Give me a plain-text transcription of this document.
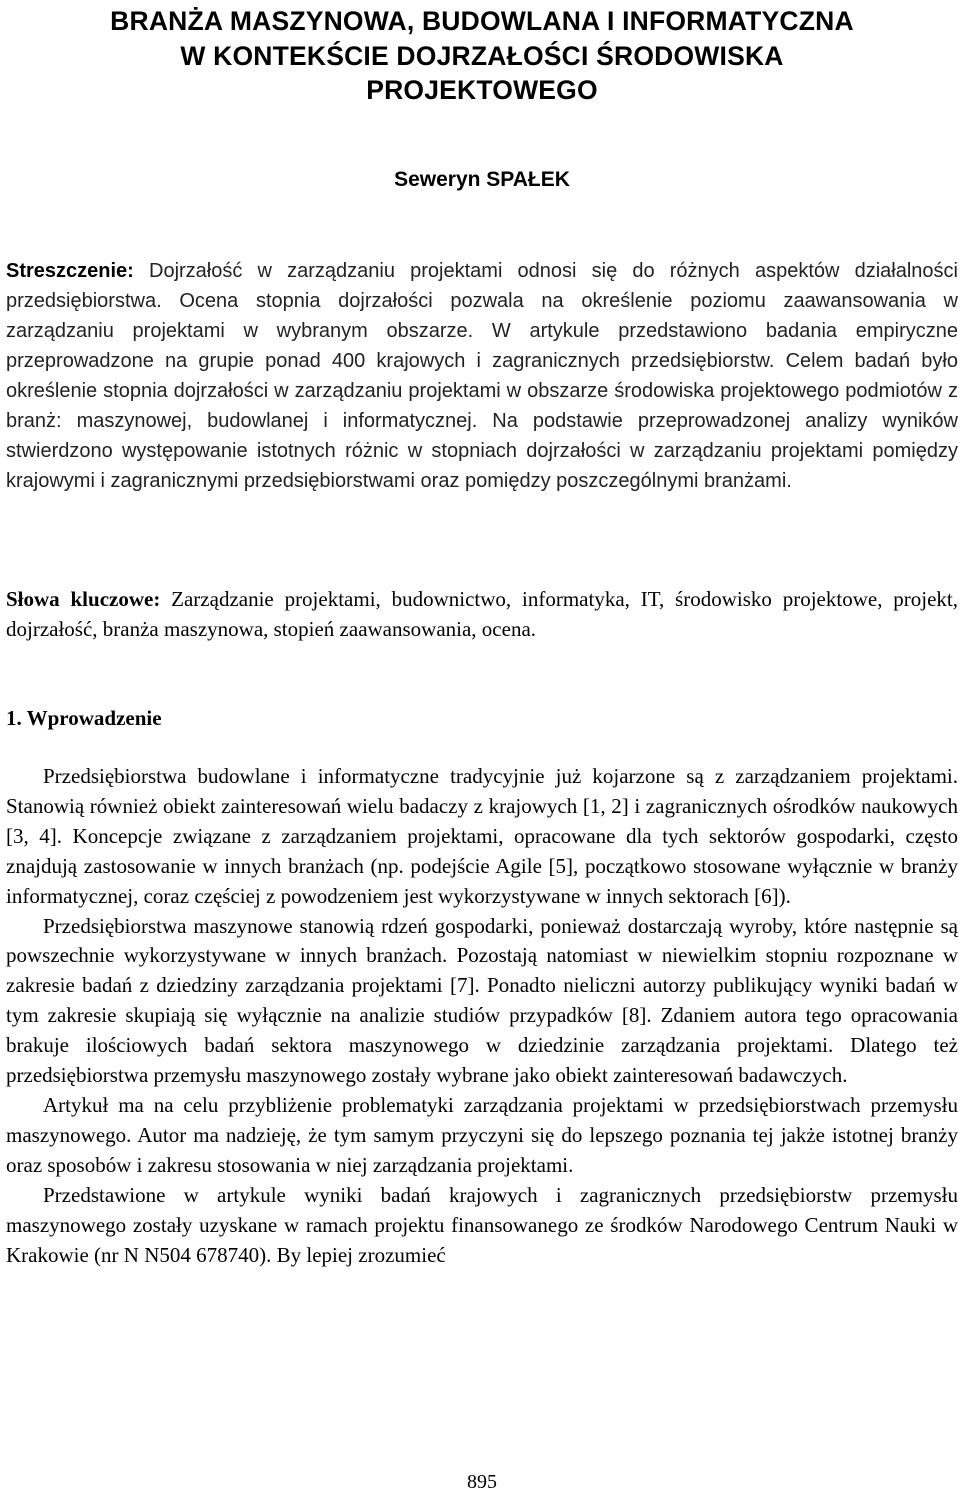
BRANŻA MASZYNOWA, BUDOWLANA I INFORMATYCZNA
W KONTEKŚCIE DOJRZAŁOŚCI ŚRODOWISKA
PROJEKTOWEGO
Seweryn SPAŁEK
Streszczenie: Dojrzałość w zarządzaniu projektami odnosi się do różnych aspektów działalności przedsiębiorstwa. Ocena stopnia dojrzałości pozwala na określenie poziomu zaawansowania w zarządzaniu projektami w wybranym obszarze. W artykule przedstawiono badania empiryczne przeprowadzone na grupie ponad 400 krajowych i zagranicznych przedsiębiorstw. Celem badań było określenie stopnia dojrzałości w zarządzaniu projektami w obszarze środowiska projektowego podmiotów z branż: maszynowej, budowlanej i informatycznej. Na podstawie przeprowadzonej analizy wyników stwierdzono występowanie istotnych różnic w stopniach dojrzałości w zarządzaniu projektami pomiędzy krajowymi i zagranicznymi przedsiębiorstwami oraz pomiędzy poszczególnymi branżami.
Słowa kluczowe: Zarządzanie projektami, budownictwo, informatyka, IT, środowisko projektowe, projekt, dojrzałość, branża maszynowa, stopień zaawansowania, ocena.
1. Wprowadzenie

Przedsiębiorstwa budowlane i informatyczne tradycyjnie już kojarzone są z zarządzaniem projektami. Stanowią również obiekt zainteresowań wielu badaczy z krajowych [1, 2] i zagranicznych ośrodków naukowych [3, 4]. Koncepcje związane z zarządzaniem projektami, opracowane dla tych sektorów gospodarki, często znajdują zastosowanie w innych branżach (np. podejście Agile [5], początkowo stosowane wyłącznie w branży informatycznej, coraz częściej z powodzeniem jest wykorzystywane w innych sektorach [6]).

Przedsiębiorstwa maszynowe stanowią rdzeń gospodarki, ponieważ dostarczają wyroby, które następnie są powszechnie wykorzystywane w innych branżach. Pozostają natomiast w niewielkim stopniu rozpoznane w zakresie badań z dziedziny zarządzania projektami [7]. Ponadto nieliczni autorzy publikujący wyniki badań w tym zakresie skupiają się wyłącznie na analizie studiów przypadków [8]. Zdaniem autora tego opracowania brakuje ilościowych badań sektora maszynowego w dziedzinie zarządzania projektami. Dlatego też przedsiębiorstwa przemysłu maszynowego zostały wybrane jako obiekt zainteresowań badawczych.

Artykuł ma na celu przybliżenie problematyki zarządzania projektami w przedsiębiorstwach przemysłu maszynowego. Autor ma nadzieję, że tym samym przyczyni się do lepszego poznania tej jakże istotnej branży oraz sposobów i zakresu stosowania w niej zarządzania projektami.

Przedstawione w artykule wyniki badań krajowych i zagranicznych przedsiębiorstw przemysłu maszynowego zostały uzyskane w ramach projektu finansowanego ze środków Narodowego Centrum Nauki w Krakowie (nr N N504 678740). By lepiej zrozumieć

895
